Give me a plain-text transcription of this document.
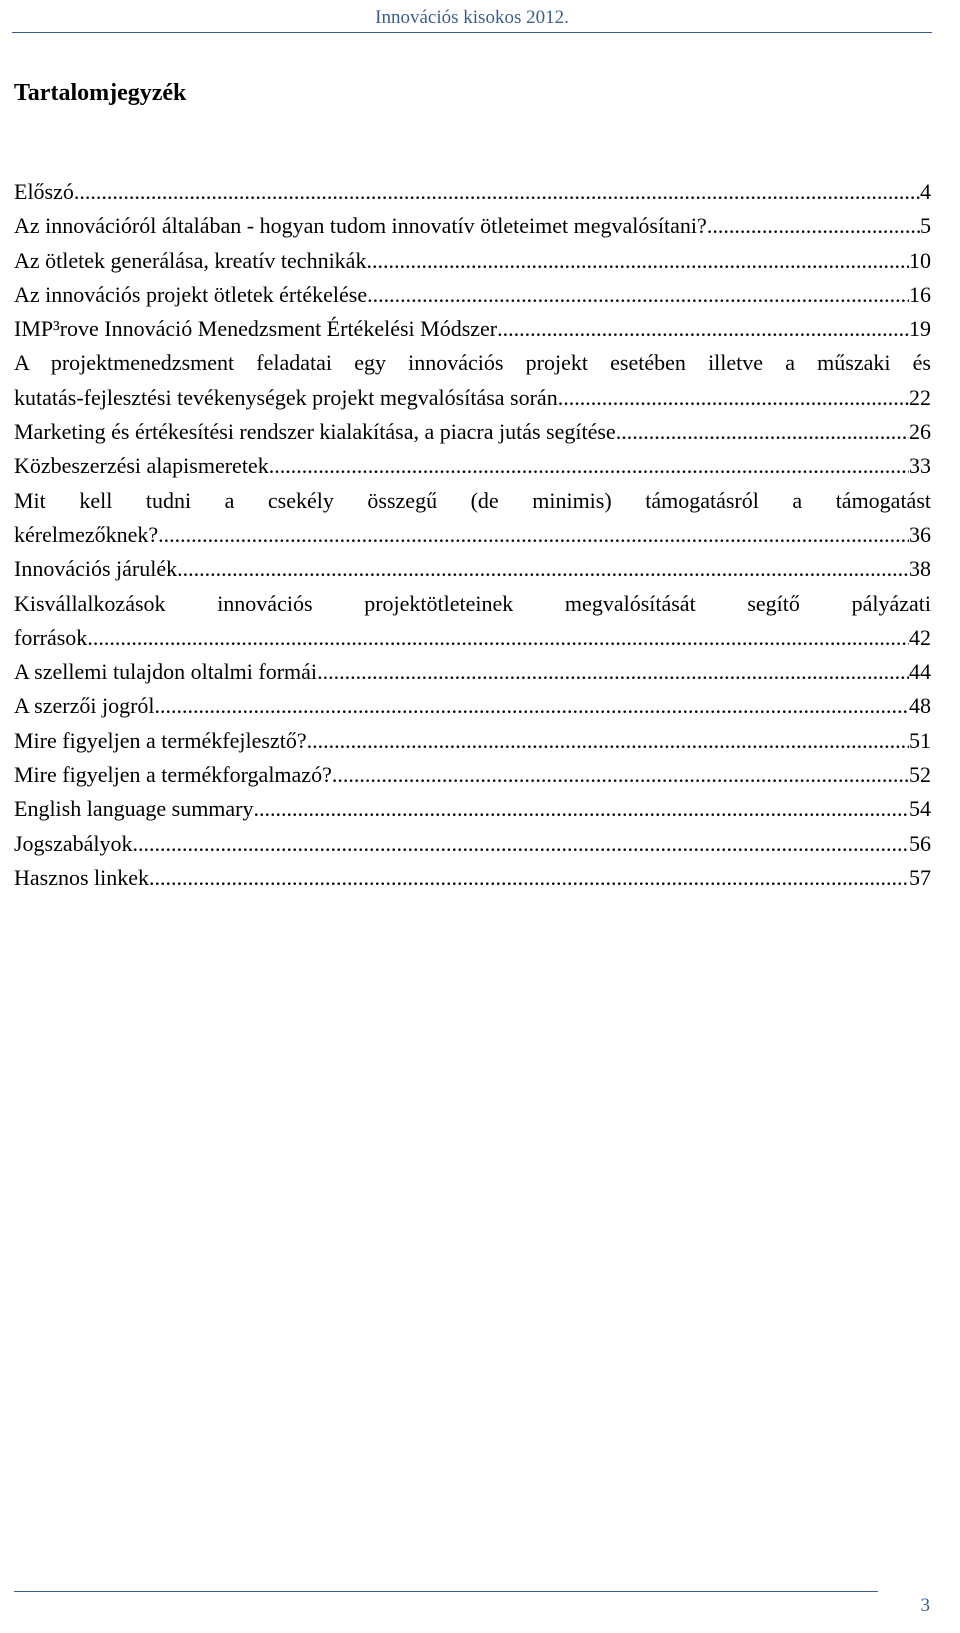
Innovációs kisokos 2012.
Tartalomjegyzék
Előszó .....	4
Az innovációról általában - hogyan tudom innovatív ötleteimet megvalósítani? .....	5
Az ötletek generálása, kreatív technikák .....	10
Az innovációs projekt ötletek értékelése .....	16
IMP³rove Innováció Menedzsment Értékelési Módszer .....	19
A projektmenedzsment feladatai egy innovációs projekt esetében illetve a műszaki és
kutatás-fejlesztési tevékenységek projekt megvalósítása során .....	22
Marketing és értékesítési rendszer kialakítása, a piacra jutás segítése .....	26
Közbeszerzési alapismeretek .....	33
Mit kell tudni a csekély összegű (de minimis) támogatásról a támogatást
kérelmezőknek? .....	36
Innovációs járulék .....	38
Kisvállalkozások innovációs projektötleteinek megvalósítását segítő pályázati
források .....	42
A szellemi tulajdon oltalmi formái .....	44
A szerzői jogról .....	48
Mire figyeljen a termékfejlesztő? .....	51
Mire figyeljen a termékforgalmazó? .....	52
English language summary .....	54
Jogszabályok .....	56
Hasznos linkek .....	57
3
